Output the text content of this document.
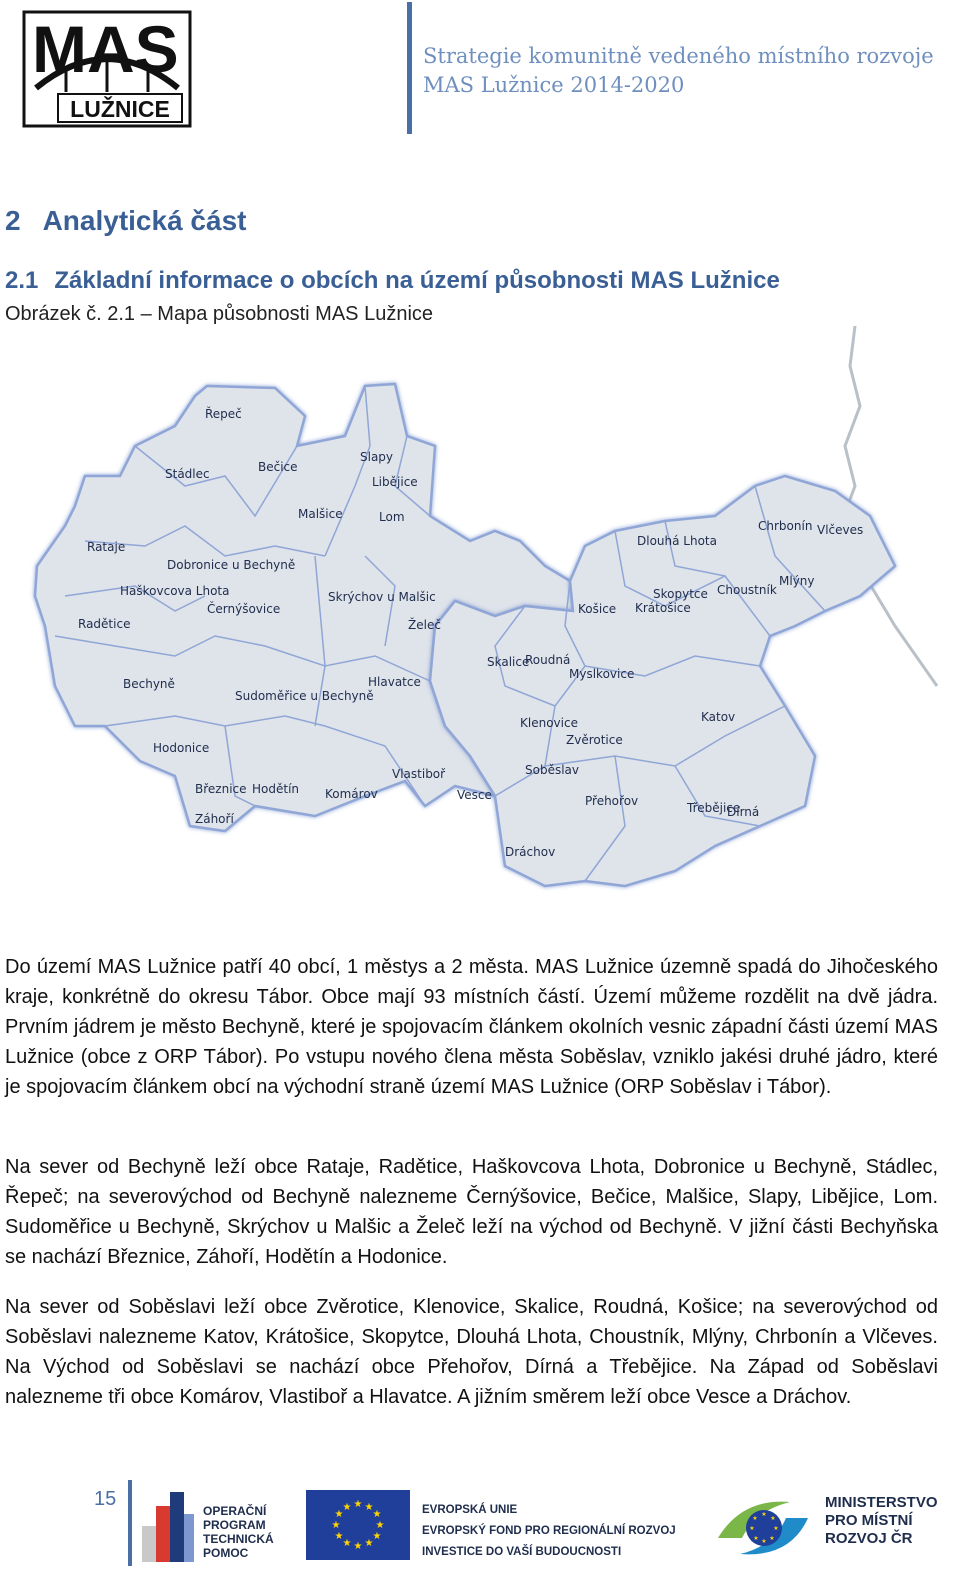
MAS
LUŽNICE
Strategie komunitně vedeného místního rozvoje
MAS Lužnice 2014-2020
2 Analytická část
2.1 Základní informace o obcích na území působnosti MAS Lužnice
Obrázek č. 2.1 – Mapa působnosti MAS Lužnice
Řepeč
Stádlec	Bečice
Slapy
Liběјice
Malšice	Lom
Rataje
Dobronice u Bechyně
Haškovcova Lhota
Černýšovice
Skrýchov u Malšic
Želeč
Radětice
Bechyně
Sudoměřice u Bechyně
Hlavatce
Hodonice
Březnice Hodětín
Záhoří
Komárov
Vlastiboř
Vesce
Dlouhá Lhota
Chrbonín Vlčeves
Skopytce
Krátošice
Choustník
Mlýny
Košice
Skalice
Roudná
Myslkovice
Klenovice
Zvěrotice
Katov
Soběslav
Přehořov	Třebějice
Dírná
Dráchov

Do území MAS Lužnice patří 40 obcí, 1 městys a 2 města. MAS Lužnice územně spadá do Jihočeského kraje, konkrétně do okresu Tábor. Obce mají 93 místních částí. Území můžeme rozdělit na dvě jádra. Prvním jádrem je město Bechyně, které je spojovacím článkem okolních vesnic západní části území MAS Lužnice (obce z ORP Tábor). Po vstupu nového člena města Soběslav, vzniklo jakési druhé jádro, které je spojovacím článkem obcí na východní straně území MAS Lužnice (ORP Soběslav i Tábor).

Na sever od Bechyně leží obce Rataje, Radětice, Haškovcova Lhota, Dobronice u Bechyně, Stádlec, Řepeč; na severovýchod od Bechyně nalezneme Černýšovice, Bečice, Malšice, Slapy, Liběјice, Lom. Sudoměřice u Bechyně, Skrýchov u Malšic a Želeč leží na východ od Bechyně. V jižní části Bechyňska se nachází Březnice, Záhoří, Hodětín a Hodonice.

Na sever od Soběslavi leží obce Zvěrotice, Klenovice, Skalice, Roudná, Košice; na severovýchod od Soběslavi nalezneme Katov, Krátošice, Skopytce, Dlouhá Lhota, Choustník, Mlýny, Chrbonín a Vlčeves. Na Východ od Soběslavi se nachází obce Přehořov, Dírná a Třebějice. Na Západ od Soběslavi nalezneme tři obce Komárov, Vlastiboř a Hlavatce. A jižním směrem leží obce Vesce a Dráchov.

15
OPERAČNÍ
PROGRAM
TECHNICKÁ
POMOC
★ ★
★
★
★
★
★
★
★
★
★
★	EVROPSKÁ UNIE
EVROPSKÝ FOND PRO REGIONÁLNÍ ROZVOJ
INVESTICE DO VAŠÍ BUDOUCNOSTI
★
★
★
★
★
★
★
★
MINISTERSTVO
PRO MÍSTNÍ
ROZVOJ ČR
